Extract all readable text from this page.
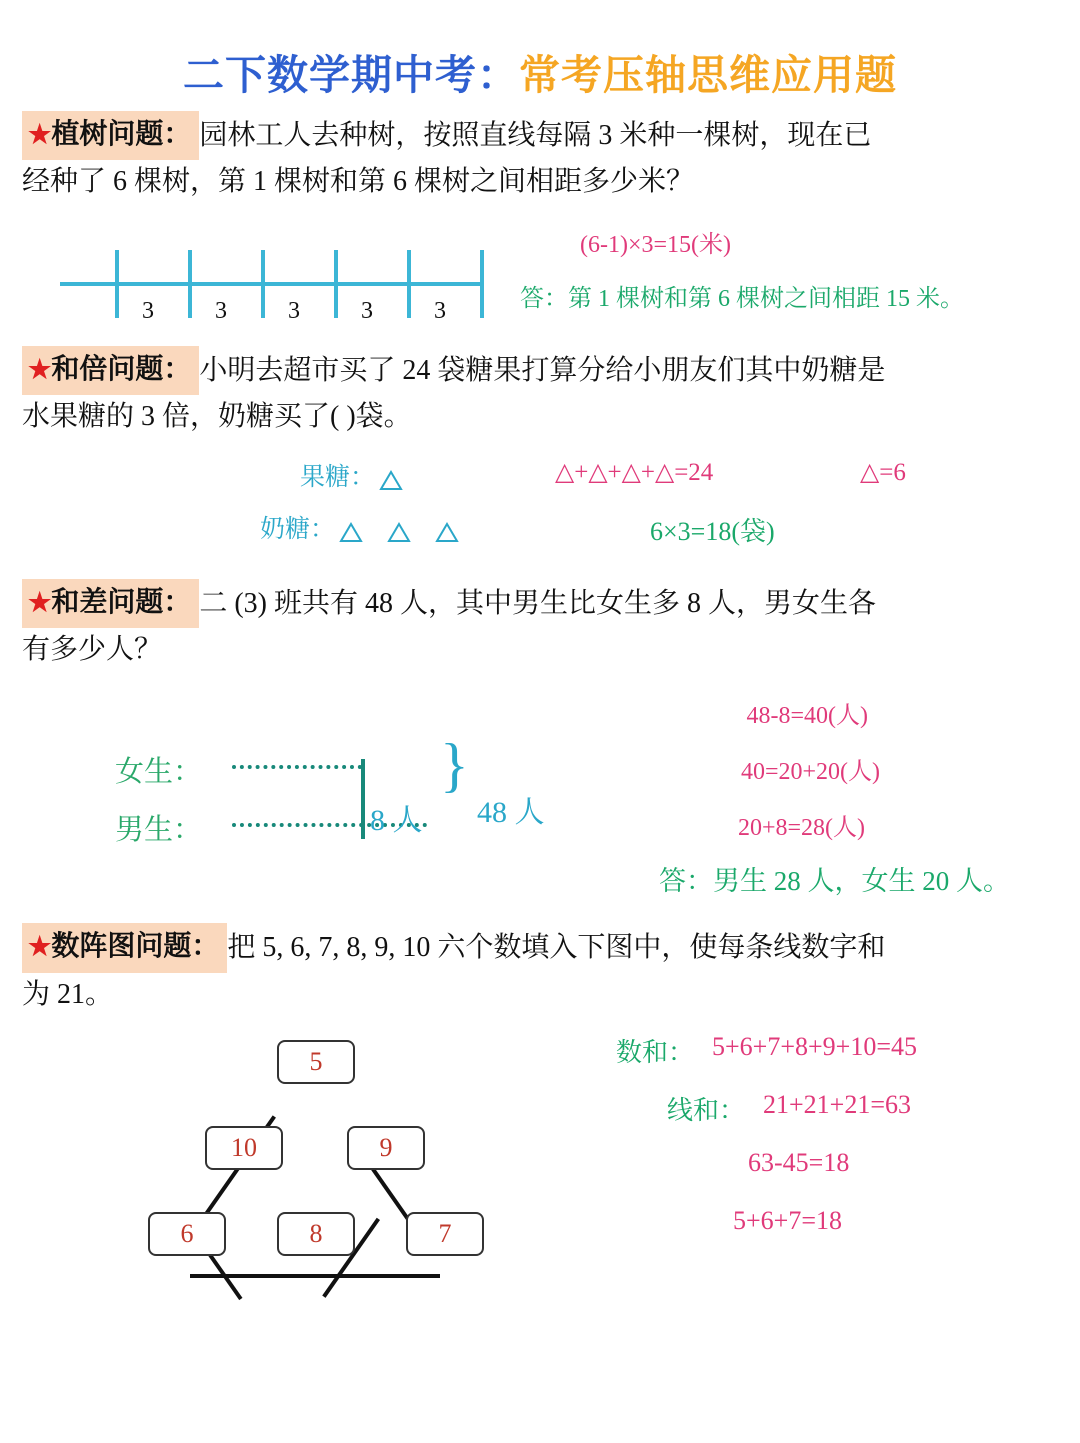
二下数学期中考：常考压轴思维应用题
★植树问题： 园林工人去种树，按照直线每隔 3 米种一棵树，现在已
经种了 6 棵树，第 1 棵树和第 6 棵树之间相距多少米？
3	3	3	3	3
(6-1)×3=15(米)
答：第 1 棵树和第 6 棵树之间相距 15 米。
★和倍问题： 小明去超市买了 24 袋糖果打算分给小朋友们其中奶糖是
水果糖的 3 倍，奶糖买了( )袋。
果糖：
奶糖：

△+△+△+△=24	△=6
6×3=18(袋)
★和差问题： 二 (3) 班共有 48 人，其中男生比女生多 8 人，男女生各
有多少人？
女生：
男生：	8 人
}
48 人
48-8=40(人)
40=20+20(人)
20+8=28(人)
答：男生 28 人，女生 20 人。
★数阵图问题： 把 5, 6, 7, 8, 9, 10 六个数填入下图中，使每条线数字和
为 21。
5
10	9
6	8	7
数和： 5+6+7+8+9+10=45
线和： 21+21+21=63
63-45=18
5+6+7=18
